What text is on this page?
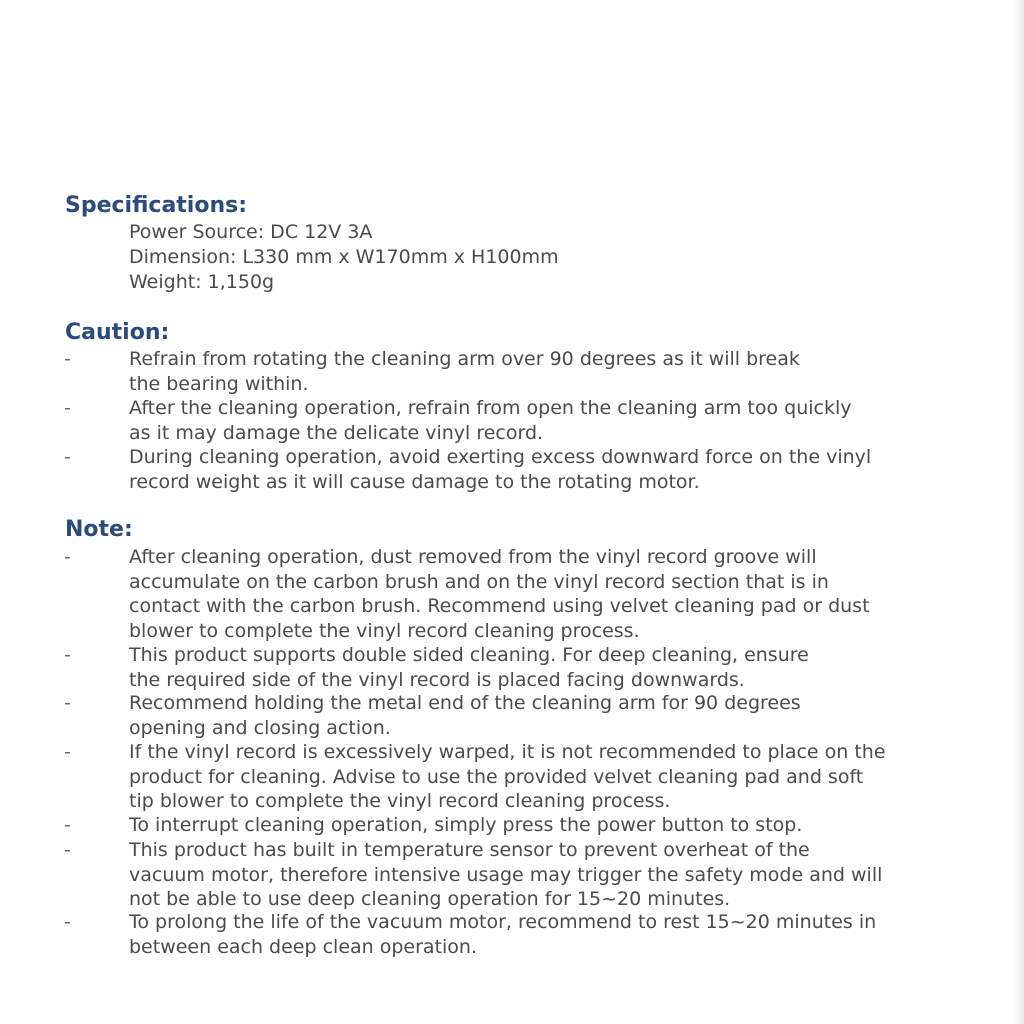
Specifications:
Power Source: DC 12V 3A
Dimension: L330 mm x W170mm x H100mm
Weight: 1,150g
Caution:
-	Refrain from rotating the cleaning arm over 90 degrees as it will break
the bearing within.
-	After the cleaning operation, refrain from open the cleaning arm too quickly
as it may damage the delicate vinyl record.
-	During cleaning operation, avoid exerting excess downward force on the vinyl
record weight as it will cause damage to the rotating motor.
Note:
-	After cleaning operation, dust removed from the vinyl record groove will
accumulate on the carbon brush and on the vinyl record section that is in
contact with the carbon brush. Recommend using velvet cleaning pad or dust
blower to complete the vinyl record cleaning process.
-	This product supports double sided cleaning. For deep cleaning, ensure
the required side of the vinyl record is placed facing downwards.
-	Recommend holding the metal end of the cleaning arm for 90 degrees
opening and closing action.
-	If the vinyl record is excessively warped, it is not recommended to place on the
product for cleaning. Advise to use the provided velvet cleaning pad and soft
tip blower to complete the vinyl record cleaning process.
-	To interrupt cleaning operation, simply press the power button to stop.
-	This product has built in temperature sensor to prevent overheat of the
vacuum motor, therefore intensive usage may trigger the safety mode and will
not be able to use deep cleaning operation for 15~20 minutes.
-	To prolong the life of the vacuum motor, recommend to rest 15~20 minutes in
between each deep clean operation.
